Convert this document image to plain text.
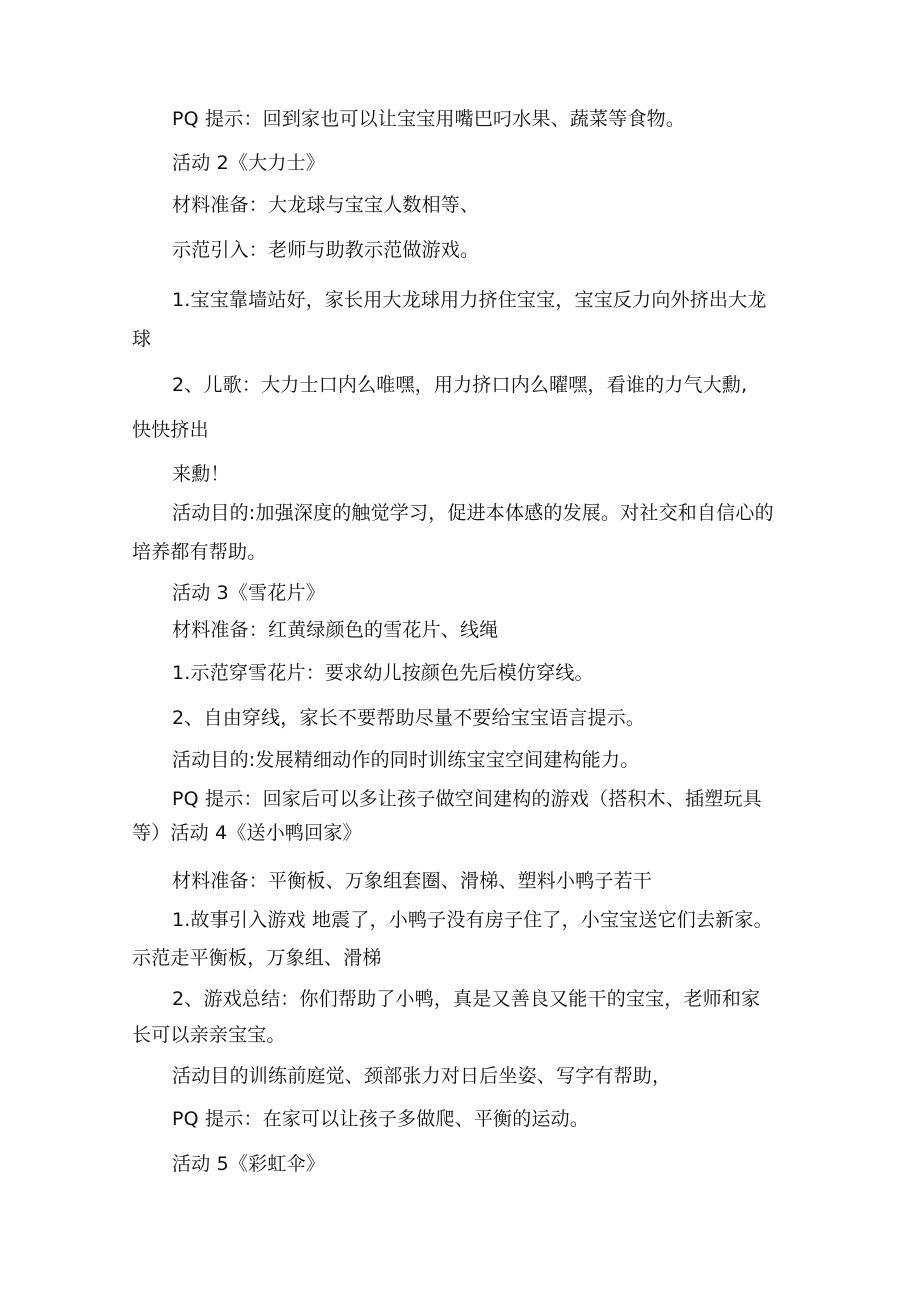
PQ 提示：回到家也可以让宝宝用嘴巴叼水果、蔬菜等食物。

活动 2《大力士》

材料准备：大龙球与宝宝人数相等、

示范引入：老师与助教示范做游戏。

1.宝宝靠墙站好，家长用大龙球用力挤住宝宝，宝宝反力向外挤出大龙

球

2、儿歌：大力士口内么唯嘿，用力挤口内么曜嘿，看谁的力气大勳,

快快挤出

来勳！

活动目的:加强深度的触觉学习，促进本体感的发展。对社交和自信心的

培养都有帮助。

活动 3《雪花片》

材料准备：红黄绿颜色的雪花片、线绳

1.示范穿雪花片：要求幼儿按颜色先后模仿穿线。

2、自由穿线，家长不要帮助尽量不要给宝宝语言提示。

活动目的:发展精细动作的同时训练宝宝空间建构能力。

PQ 提示：回家后可以多让孩子做空间建构的游戏（搭积木、插塑玩具

等）活动 4《送小鸭回家》

材料准备：平衡板、万象组套圈、滑梯、塑料小鸭子若干

1.故事引入游戏 地震了，小鸭子没有房子住了，小宝宝送它们去新家。

示范走平衡板，万象组、滑梯

2、游戏总结：你们帮助了小鸭，真是又善良又能干的宝宝，老师和家

长可以亲亲宝宝。

活动目的训练前庭觉、颈部张力对日后坐姿、写字有帮助，

PQ 提示：在家可以让孩子多做爬、平衡的运动。

活动 5《彩虹伞》
